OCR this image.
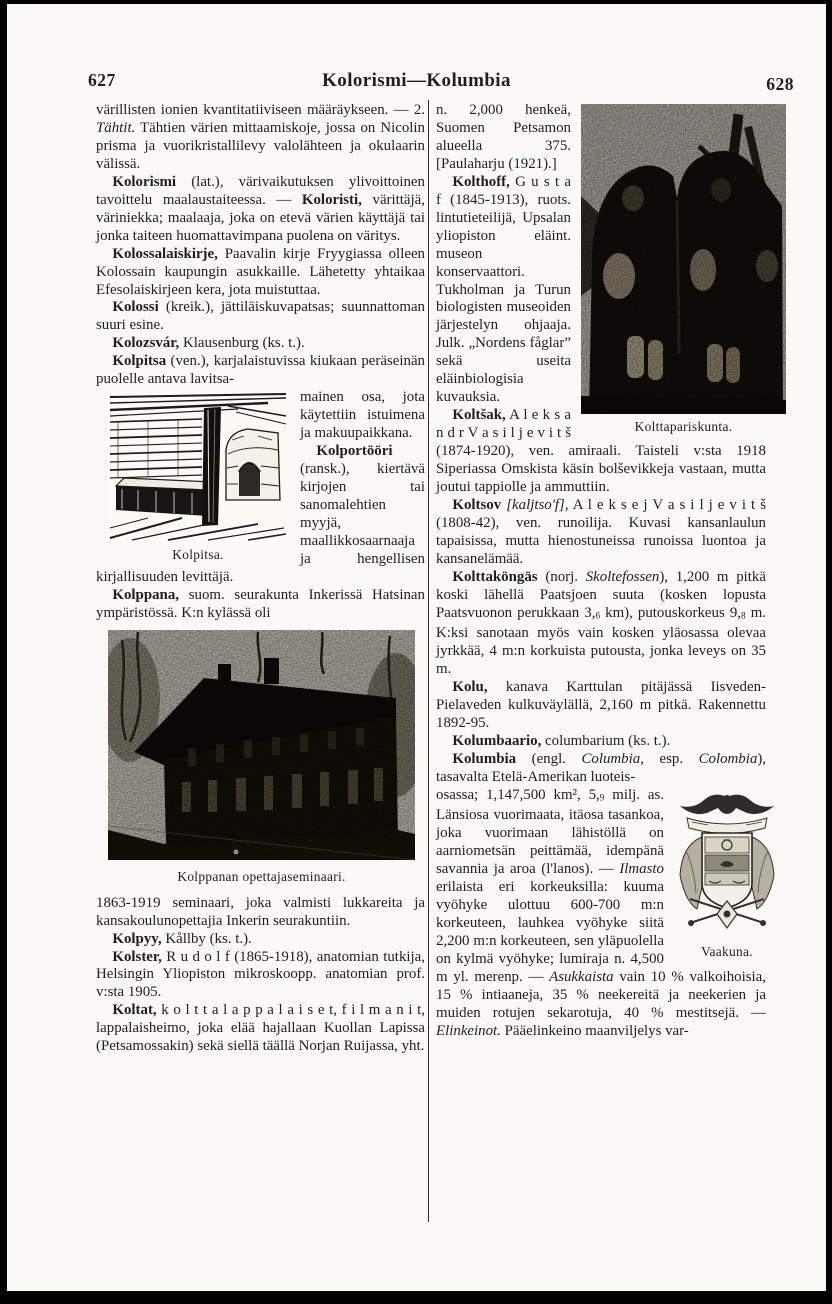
627	Kolorismi—Kolumbia	628

värillisten ionien kvantitatiiviseen määräykseen. — 2. Tähtit. Tähtien värien mittaamiskoje, jossa on Nicolin prisma ja vuorikristallilevy valolähteen ja okulaarin välissä.

Kolorismi (lat.), värivaikutuksen ylivoittoinen tavoittelu maalaustaiteessa. — Koloristi, värittäjä, väriniekka; maalaaja, joka on etevä värien käyttäjä tai jonka taiteen huomattavimpana puolena on väritys.

Kolossalaiskirje, Paavalin kirje Fryygiassa olleen Kolossain kaupungin asukkaille. Lähetetty yhtaikaa Efesolaiskirjeen kera, jota muistuttaa.

Kolossi (kreik.), jättiläiskuvapatsas; suunnattoman suuri esine.

Kolozsvár, Klausenburg (ks. t.).

Kolpitsa (ven.), karjalaistuvissa kiukaan peräseinän puolelle antava lavitsa-

Kolpitsa.

mainen osa, jota käytettiin istuimena ja makuupaikkana.

Kolportööri (ransk.), kiertävä kirjojen tai sanomalehtien myyjä, maallikkosaarnaaja ja hengellisen kirjallisuuden levittäjä.

Kolppana, suom. seurakunta Inkerissä Hatsinan ympäristössä. K:n kylässä oli

Kolppanan opettajaseminaari.

1863-1919 seminaari, joka valmisti lukkareita ja kansakoulunopettajia Inkerin seurakuntiin.

Kolpyy, Kållby (ks. t.).

Kolster, R u d o l f (1865-1918), anatomian tutkija, Helsingin Yliopiston mikroskoopp. anatomian prof. v:sta 1905.

Koltat, k o l t t a l a p p a l a i s e t, f i l m a n i t, lappalaisheimo, joka elää hajallaan Kuollan Lapissa (Petsamossakin) sekä siellä täällä Norjan Ruijassa, yht.

Kolttapariskunta.

n. 2,000 henkeä, Suomen Petsamon alueella 375. [Paulaharju (1921).]

Kolthoff, G u s t a f (1845-1913), ruots. lintutieteilijä, Upsalan yliopiston eläint. museon konservaattori. Tukholman ja Turun biologisten museoiden järjestelyn ohjaaja. Julk. „Nordens fåglar” sekä useita eläinbiologisia kuvauksia.

Koltšak, A l e k s a n d r V a s i l j e v i t š (1874-1920), ven. amiraali. Taisteli v:sta 1918 Siperiassa Omskista käsin bolševikkeja vastaan, mutta joutui tappiolle ja ammuttiin.

Koltsov [kaljtso'f], A l e k s e j V a s i l j e v i t š (1808-42), ven. runoilija. Kuvasi kansanlaulun tapaisissa, mutta hienostuneissa runoissa luontoa ja kansanelämää.

Kolttaköngäs (norj. Skoltefossen), 1,200 m pitkä koski lähellä Paatsjoen suuta (kosken lopusta Paatsvuonon perukkaan 3,6 km), putouskorkeus 9,8 m. K:ksi sanotaan myös vain kosken yläosassa olevaa jyrkkää, 4 m:n korkuista putousta, jonka leveys on 35 m.

Kolu, kanava Karttulan pitäjässä Iisveden-Pielaveden kulkuväylällä, 2,160 m pitkä. Rakennettu 1892-95.

Kolumbaario, columbarium (ks. t.).

Kolumbia (engl. Columbia, esp. Colombia), tasavalta Etelä-Amerikan luoteis-

Vaakuna.

osassa; 1,147,500 km², 5,9 milj. as. Länsiosa vuorimaata, itäosa tasankoa, joka vuorimaan lähistöllä on aarniometsän peittämää, idempänä savannia ja aroa (l'lanos). — Ilmasto erilaista eri korkeuksilla: kuuma vyöhyke ulottuu 600-700 m:n korkeuteen, lauhkea vyöhyke siitä 2,200 m:n korkeuteen, sen yläpuolella on kylmä vyöhyke; lumiraja n. 4,500 m yl. merenp. — Asukkaista vain 10 % valkoihoisia, 15 % intiaaneja, 35 % neekereitä ja neekerien ja muiden rotujen sekarotuja, 40 % mestitsejä. — Elinkeinot. Pääelinkeino maanviljelys var-
